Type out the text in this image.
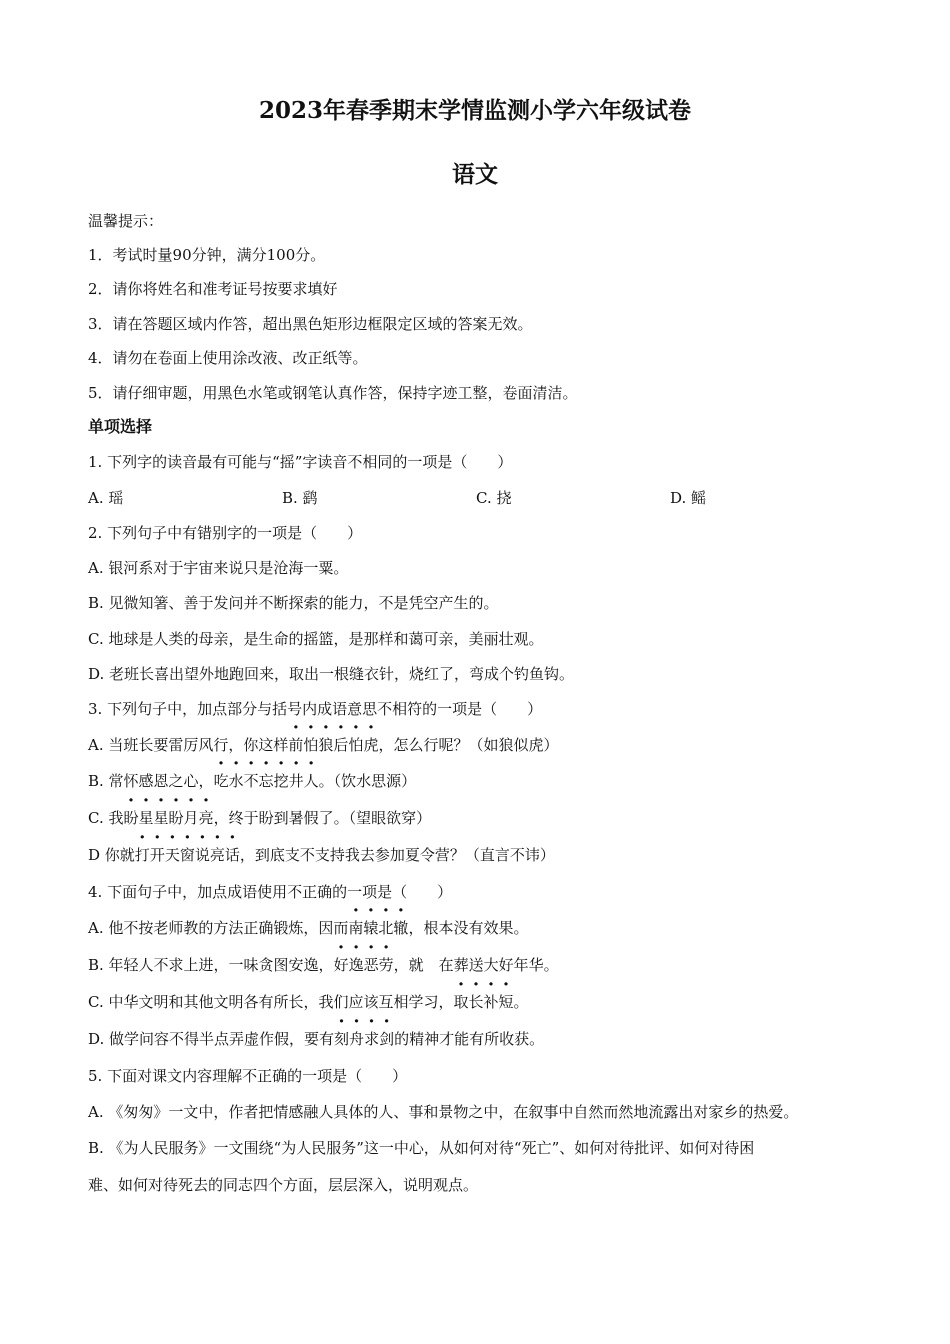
2023年春季期末学情监测小学六年级试卷
语文
温馨提示：
1．考试时量90分钟，满分100分。
2．请你将姓名和准考证号按要求填好
3．请在答题区域内作答，超出黑色矩形边框限定区域的答案无效。
4．请勿在卷面上使用涂改液、改正纸等。
5．请仔细审题，用黑色水笔或钢笔认真作答，保持字迹工整，卷面清洁。
单项选择
1. 下列字的读音最有可能与“摇”字读音不相同的一项是（　　）
A. 瑶	B. 鹞	C. 挠	D. 鳐
2. 下列句子中有错别字的一项是（　　）
A. 银河系对于宇宙来说只是沧海一粟。
B. 见微知箸、善于发问并不断探索的能力，不是凭空产生的。
C. 地球是人类的母亲，是生命的摇篮，是那样和蔼可亲，美丽壮观。
D. 老班长喜出望外地跑回来，取出一根缝衣针，烧红了，弯成个钓鱼钩。
3. 下列句子中，加点部分与括号内成语意思不相符的一项是（　　）
A. 当班长要雷厉风行，你这样前怕狼后怕虎，怎么行呢？（如狼似虎）
B. 常怀感恩之心，吃水不忘挖井人。（饮水思源）
C. 我盼星星盼月亮，终于盼到暑假了。（望眼欲穿）
D 你就打开天窗说亮话，到底支不支持我去参加夏令营？（直言不讳）
4. 下面句子中，加点成语使用不正确的一项是（　　）
A. 他不按老师教的方法正确锻炼，因而南辕北辙，根本没有效果。
B. 年轻人不求上进，一味贪图安逸，好逸恶劳，就　在葬送大好年华。
C. 中华文明和其他文明各有所长，我们应该互相学习，取长补短。
D. 做学问容不得半点弄虚作假，要有刻舟求剑的精神才能有所收获。
5. 下面对课文内容理解不正确的一项是（　　）
A. 《匆匆》一文中，作者把情感融人具体的人、事和景物之中，在叙事中自然而然地流露出对家乡的热爱。
B. 《为人民服务》一文围绕“为人民服务”这一中心，从如何对待“死亡”、如何对待批评、如何对待困
难、如何对待死去的同志四个方面，层层深入，说明观点。
